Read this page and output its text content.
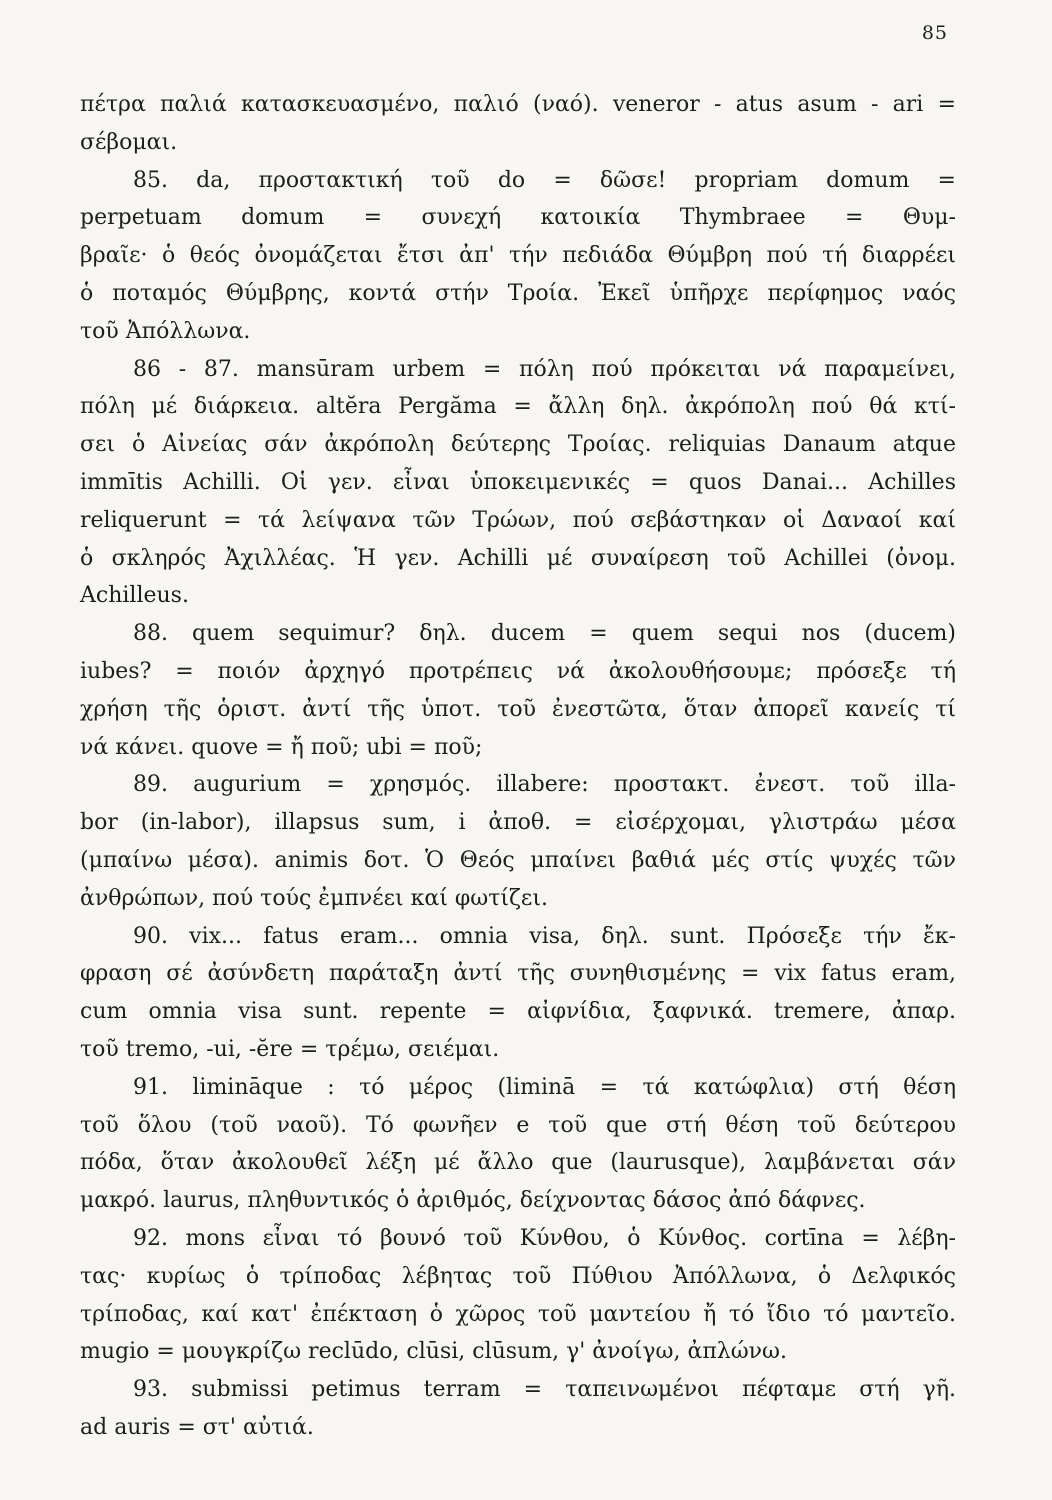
85
πέτρα παλιά κατασκευασμένο, παλιό (ναό). veneror - atus asum - ari =
σέβομαι.
85. da, προστακτική τοῦ do = δῶσε! propriam domum =
perpetuam domum = συνεχή κατοικία Thymbraee = Θυμ-
βραῖε· ὁ θεός ὀνομάζεται ἔτσι ἀπ' τήν πεδιάδα Θύμβρη πού τή διαρρέει
ὁ ποταμός Θύμβρης, κοντά στήν Τροία. Ἐκεῖ ὑπῆρχε περίφημος ναός
τοῦ Ἀπόλλωνα.
86 - 87. mansūram urbem = πόλη πού πρόκειται νά παραμείνει,
πόλη μέ διάρκεια. altĕra Pergăma = ἄλλη δηλ. ἀκρόπολη πού θά κτί-
σει ὁ Αἰνείας σάν ἀκρόπολη δεύτερης Τροίας. reliquias Danaum atque
immītis Achilli. Οἱ γεν. εἶναι ὑποκειμενικές = quos Danai... Achilles
reliquerunt = τά λείψανα τῶν Τρώων, πού σεβάστηκαν οἱ Δαναοί καί
ὁ σκληρός Ἀχιλλέας. Ἡ γεν. Achilli μέ συναίρεση τοῦ Achillei (ὀνομ.
Achilleus.
88. quem sequimur? δηλ. ducem = quem sequi nos (ducem)
iubes? = ποιόν ἀρχηγό προτρέπεις νά ἀκολουθήσουμε; πρόσεξε τή
χρήση τῆς ὁριστ. ἀντί τῆς ὑποτ. τοῦ ἐνεστῶτα, ὅταν ἀπορεῖ κανείς τί
νά κάνει. quove = ἤ ποῦ; ubi = ποῦ;
89. augurium = χρησμός. illabere: προστακτ. ἐνεστ. τοῦ illa-
bor (in-labor), illapsus sum, i ἀποθ. = εἰσέρχομαι, γλιστράω μέσα
(μπαίνω μέσα). animis δοτ. Ὁ Θεός μπαίνει βαθιά μές στίς ψυχές τῶν
ἀνθρώπων, πού τούς ἐμπνέει καί φωτίζει.
90. vix... fatus eram... omnia visa, δηλ. sunt. Πρόσεξε τήν ἔκ-
φραση σέ ἀσύνδετη παράταξη ἀντί τῆς συνηθισμένης = vix fatus eram,
cum omnia visa sunt. repente = αἰφνίδια, ξαφνικά. tremere, ἀπαρ.
τοῦ tremo, -ui, -ĕre = τρέμω, σειέμαι.
91. limināque : τό μέρος (liminā = τά κατώφλια) στή θέση
τοῦ ὅλου (τοῦ ναοῦ). Τό φωνῆεν e τοῦ que στή θέση τοῦ δεύτερου
πόδα, ὅταν ἀκολουθεῖ λέξη μέ ἄλλο que (laurusque), λαμβάνεται σάν
μακρό. laurus, πληθυντικός ὁ ἀριθμός, δείχνοντας δάσος ἀπό δάφνες.
92. mons εἶναι τό βουνό τοῦ Κύνθου, ὁ Κύνθος. cortīna = λέβη-
τας· κυρίως ὁ τρίποδας λέβητας τοῦ Πύθιου Ἀπόλλωνα, ὁ Δελφικός
τρίποδας, καί κατ' ἐπέκταση ὁ χῶρος τοῦ μαντείου ἤ τό ἴδιο τό μαντεῖο.
mugio = μουγκρίζω reclūdo, clūsi, clūsum, γ' ἀνοίγω, ἀπλώνω.
93. submissi petimus terram = ταπεινωμένοι πέφταμε στή γῆ.
ad auris = στ' αὐτιά.
